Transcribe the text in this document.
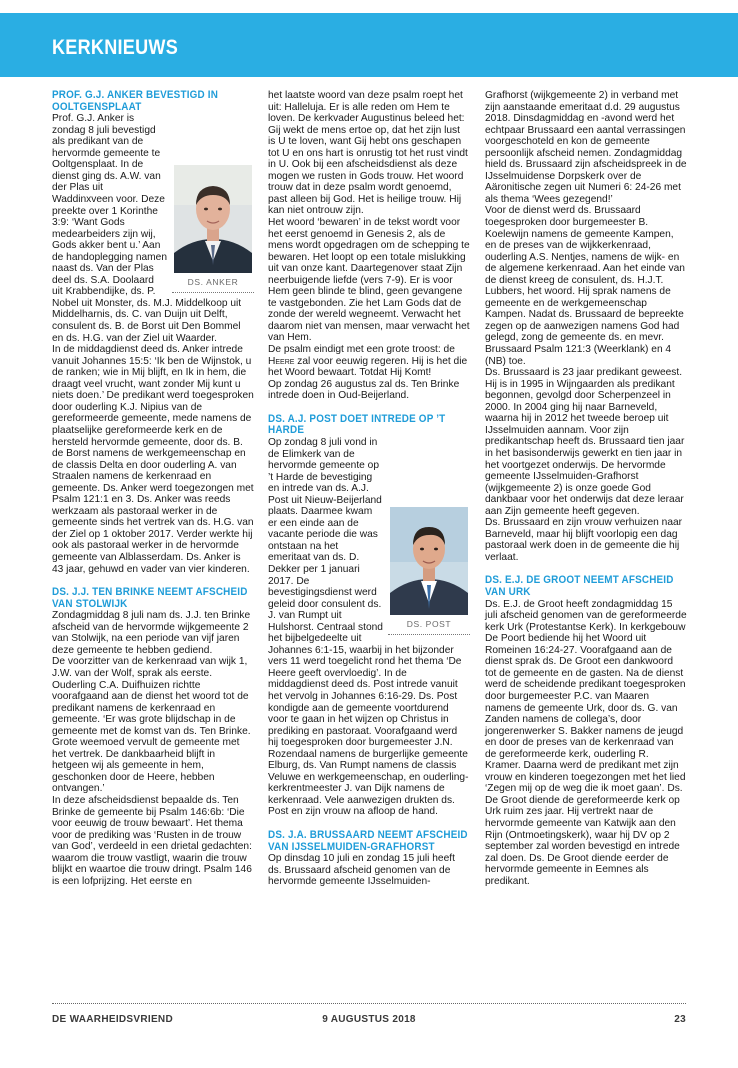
KERKNIEUWS
PROF. G.J. ANKER BEVESTIGD IN OOLTGENSPLAAT
DS. ANKER

Prof. G.J. Anker is zondag 8 juli bevestigd als predikant van de hervormde gemeente te Ooltgensplaat. In de dienst ging ds. A.W. van der Plas uit Waddinxveen voor. Deze preekte over 1 Korinthe 3:9: ‘Want Gods medearbeiders zijn wij, Gods akker bent u.’ Aan de handoplegging namen naast ds. Van der Plas deel ds. S.A. Doolaard uit Krabbendijke, ds. P. Nobel uit Monster, ds. M.J. Middelkoop uit Middelharnis, ds. C. van Duijn uit Delft, consulent ds. B. de Borst uit Den Bommel en ds. H.G. van der Ziel uit Waarder.

In de middagdienst deed ds. Anker intrede vanuit Johannes 15:5: ‘Ik ben de Wijnstok, u de ranken; wie in Mij blijft, en Ik in hem, die draagt veel vrucht, want zonder Mij kunt u niets doen.’ De predikant werd toegesproken door ouderling K.J. Nipius van de gereformeerde gemeente, mede namens de plaatselijke gereformeerde kerk en de hersteld hervormde gemeente, door ds. B. de Borst namens de werkgemeenschap en de classis Delta en door ouderling A. van Straalen namens de kerkenraad en gemeente. Ds. Anker werd toegezongen met Psalm 121:1 en 3. Ds. Anker was reeds werkzaam als pastoraal werker in de gemeente sinds het vertrek van ds. H.G. van der Ziel op 1 oktober 2017. Verder werkte hij ook als pastoraal werker in de hervormde gemeente van Alblasserdam. Ds. Anker is 43 jaar, gehuwd en vader van vier kinderen.

DS. J.J. TEN BRINKE NEEMT AFSCHEID VAN STOLWIJK

Zondagmiddag 8 juli nam ds. J.J. ten Brinke afscheid van de hervormde wijkgemeente 2 van Stolwijk, na een periode van vijf jaren deze gemeente te hebben gediend.

De voorzitter van de kerkenraad van wijk 1, J.W. van der Wolf, sprak als eerste. Ouderling C.A. Duifhuizen richtte voorafgaand aan de dienst het woord tot de predikant namens de kerkenraad en gemeente. ‘Er was grote blijdschap in de gemeente met de komst van ds. Ten Brinke. Grote weemoed vervult de gemeente met het vertrek. De dankbaarheid blijft in hetgeen wij als gemeente in hem, geschonken door de Heere, hebben ontvangen.’

In deze afscheidsdienst bepaalde ds. Ten Brinke de gemeente bij Psalm 146:6b: ‘Die voor eeuwig de trouw bewaart’. Het thema voor de prediking was ‘Rusten in de trouw van God’, verdeeld in een drietal gedachten: waarom die trouw vastligt, waarin die trouw blijkt en waartoe die trouw dringt. Psalm 146 is een lofprijzing. Het eerste en

het laatste woord van deze psalm roept het uit: Halleluja. Er is alle reden om Hem te loven. De kerkvader Augustinus beleed het: Gij wekt de mens ertoe op, dat het zijn lust is U te loven, want Gij hebt ons geschapen tot U en ons hart is onrustig tot het rust vindt in U. Ook bij een afscheidsdienst als deze mogen we rusten in Gods trouw. Het woord trouw dat in deze psalm wordt genoemd, past alleen bij God. Het is heilige trouw. Hij kan niet ontrouw zijn.

Het woord ‘bewaren’ in de tekst wordt voor het eerst genoemd in Genesis 2, als de mens wordt opgedragen om de schepping te bewaren. Het loopt op een totale mislukking uit van onze kant. Daartegenover staat Zijn neerbuigende liefde (vers 7-9). Er is voor Hem geen blinde te blind, geen gevangene te vastgebonden. Zie het Lam Gods dat de zonde der wereld wegneemt. Verwacht het daarom niet van mensen, maar verwacht het van Hem.

De psalm eindigt met een grote troost: de Heere zal voor eeuwig regeren. Hij is het die het Woord bewaart. Totdat Hij Komt!

Op zondag 26 augustus zal ds. Ten Brinke intrede doen in Oud-Beijerland.

DS. A.J. POST DOET INTREDE OP ’T HARDE
DS. POST

Op zondag 8 juli vond in de Elimkerk van de hervormde gemeente op ’t Harde de bevestiging en intrede van ds. A.J. Post uit Nieuw-Beijerland plaats. Daarmee kwam er een einde aan de vacante periode die was ontstaan na het emeritaat van ds. D. Dekker per 1 januari 2017. De bevestigingsdienst werd geleid door consulent ds. J. van Rumpt uit Hulshorst. Centraal stond het bijbelgedeelte uit Johannes 6:1-15, waarbij in het bijzonder vers 11 werd toegelicht rond het thema ‘De Heere geeft overvloedig’. In de middagdienst deed ds. Post intrede vanuit het vervolg in Johannes 6:16-29. Ds. Post kondigde aan de gemeente voortdurend voor te gaan in het wijzen op Christus in prediking en pastoraat. Voorafgaand werd hij toegesproken door burgemeester J.N. Rozendaal namens de burgerlijke gemeente Elburg, ds. Van Rumpt namens de classis Veluwe en werkgemeenschap, en ouderling-kerkrentmeester J. van Dijk namens de kerkenraad. Vele aanwezigen drukten ds. Post en zijn vrouw na afloop de hand.

DS. J.A. BRUSSAARD NEEMT AFSCHEID VAN IJSSELMUIDEN-GRAFHORST

Op dinsdag 10 juli en zondag 15 juli heeft ds. Brussaard afscheid genomen van de hervormde gemeente IJsselmuiden-

Grafhorst (wijkgemeente 2) in verband met zijn aanstaande emeritaat d.d. 29 augustus 2018. Dinsdagmiddag en -avond werd het echtpaar Brussaard een aantal verrassingen voorgeschoteld en kon de gemeente persoonlijk afscheid nemen. Zondagmiddag hield ds. Brussaard zijn afscheidspreek in de IJsselmuidense Dorpskerk over de Aäronitische zegen uit Numeri 6: 24-26 met als thema ‘Wees gezegend!’

Voor de dienst werd ds. Brussaard toegesproken door burgemeester B. Koelewijn namens de gemeente Kampen, en de preses van de wijkkerkenraad, ouderling A.S. Nentjes, namens de wijk- en de algemene kerkenraad. Aan het einde van de dienst kreeg de consulent, ds. H.J.T. Lubbers, het woord. Hij sprak namens de gemeente en de werkgemeenschap Kampen. Nadat ds. Brussaard de bepreekte zegen op de aanwezigen namens God had gelegd, zong de gemeente ds. en mevr. Brussaard Psalm 121:3 (Weerklank) en 4 (NB) toe.

Ds. Brussaard is 23 jaar predikant geweest. Hij is in 1995 in Wijngaarden als predikant begonnen, gevolgd door Scherpenzeel in 2000. In 2004 ging hij naar Barneveld, waarna hij in 2012 het tweede beroep uit IJsselmuiden aannam. Voor zijn predikantschap heeft ds. Brussaard tien jaar in het basisonderwijs gewerkt en tien jaar in het voortgezet onderwijs. De hervormde gemeente IJsselmuiden-Grafhorst (wijkgemeente 2) is onze goede God dankbaar voor het onderwijs dat deze leraar aan Zijn gemeente heeft gegeven.

Ds. Brussaard en zijn vrouw verhuizen naar Barneveld, maar hij blijft voorlopig een dag pastoraal werk doen in de gemeente die hij verlaat.

DS. E.J. DE GROOT NEEMT AFSCHEID VAN URK

Ds. E.J. de Groot heeft zondagmiddag 15 juli afscheid genomen van de gereformeerde kerk Urk (Protestantse Kerk). In kerkgebouw De Poort bediende hij het Woord uit Romeinen 16:24-27. Voorafgaand aan de dienst sprak ds. De Groot een dankwoord tot de gemeente en de gasten. Na de dienst werd de scheidende predikant toegesproken door burgemeester P.C. van Maaren namens de gemeente Urk, door ds. G. van Zanden namens de collega’s, door jongerenwerker S. Bakker namens de jeugd en door de preses van de kerkenraad van de gereformeerde kerk, ouderling R. Kramer. Daarna werd de predikant met zijn vrouw en kinderen toegezongen met het lied ‘Zegen mij op de weg die ik moet gaan’. Ds. De Groot diende de gereformeerde kerk op Urk ruim zes jaar. Hij vertrekt naar de hervormde gemeente van Katwijk aan den Rijn (Ontmoetingskerk), waar hij DV op 2 september zal worden bevestigd en intrede zal doen. Ds. De Groot diende eerder de hervormde gemeente in Eemnes als predikant.

DE WAARHEIDSVRIEND	9 AUGUSTUS 2018	23
